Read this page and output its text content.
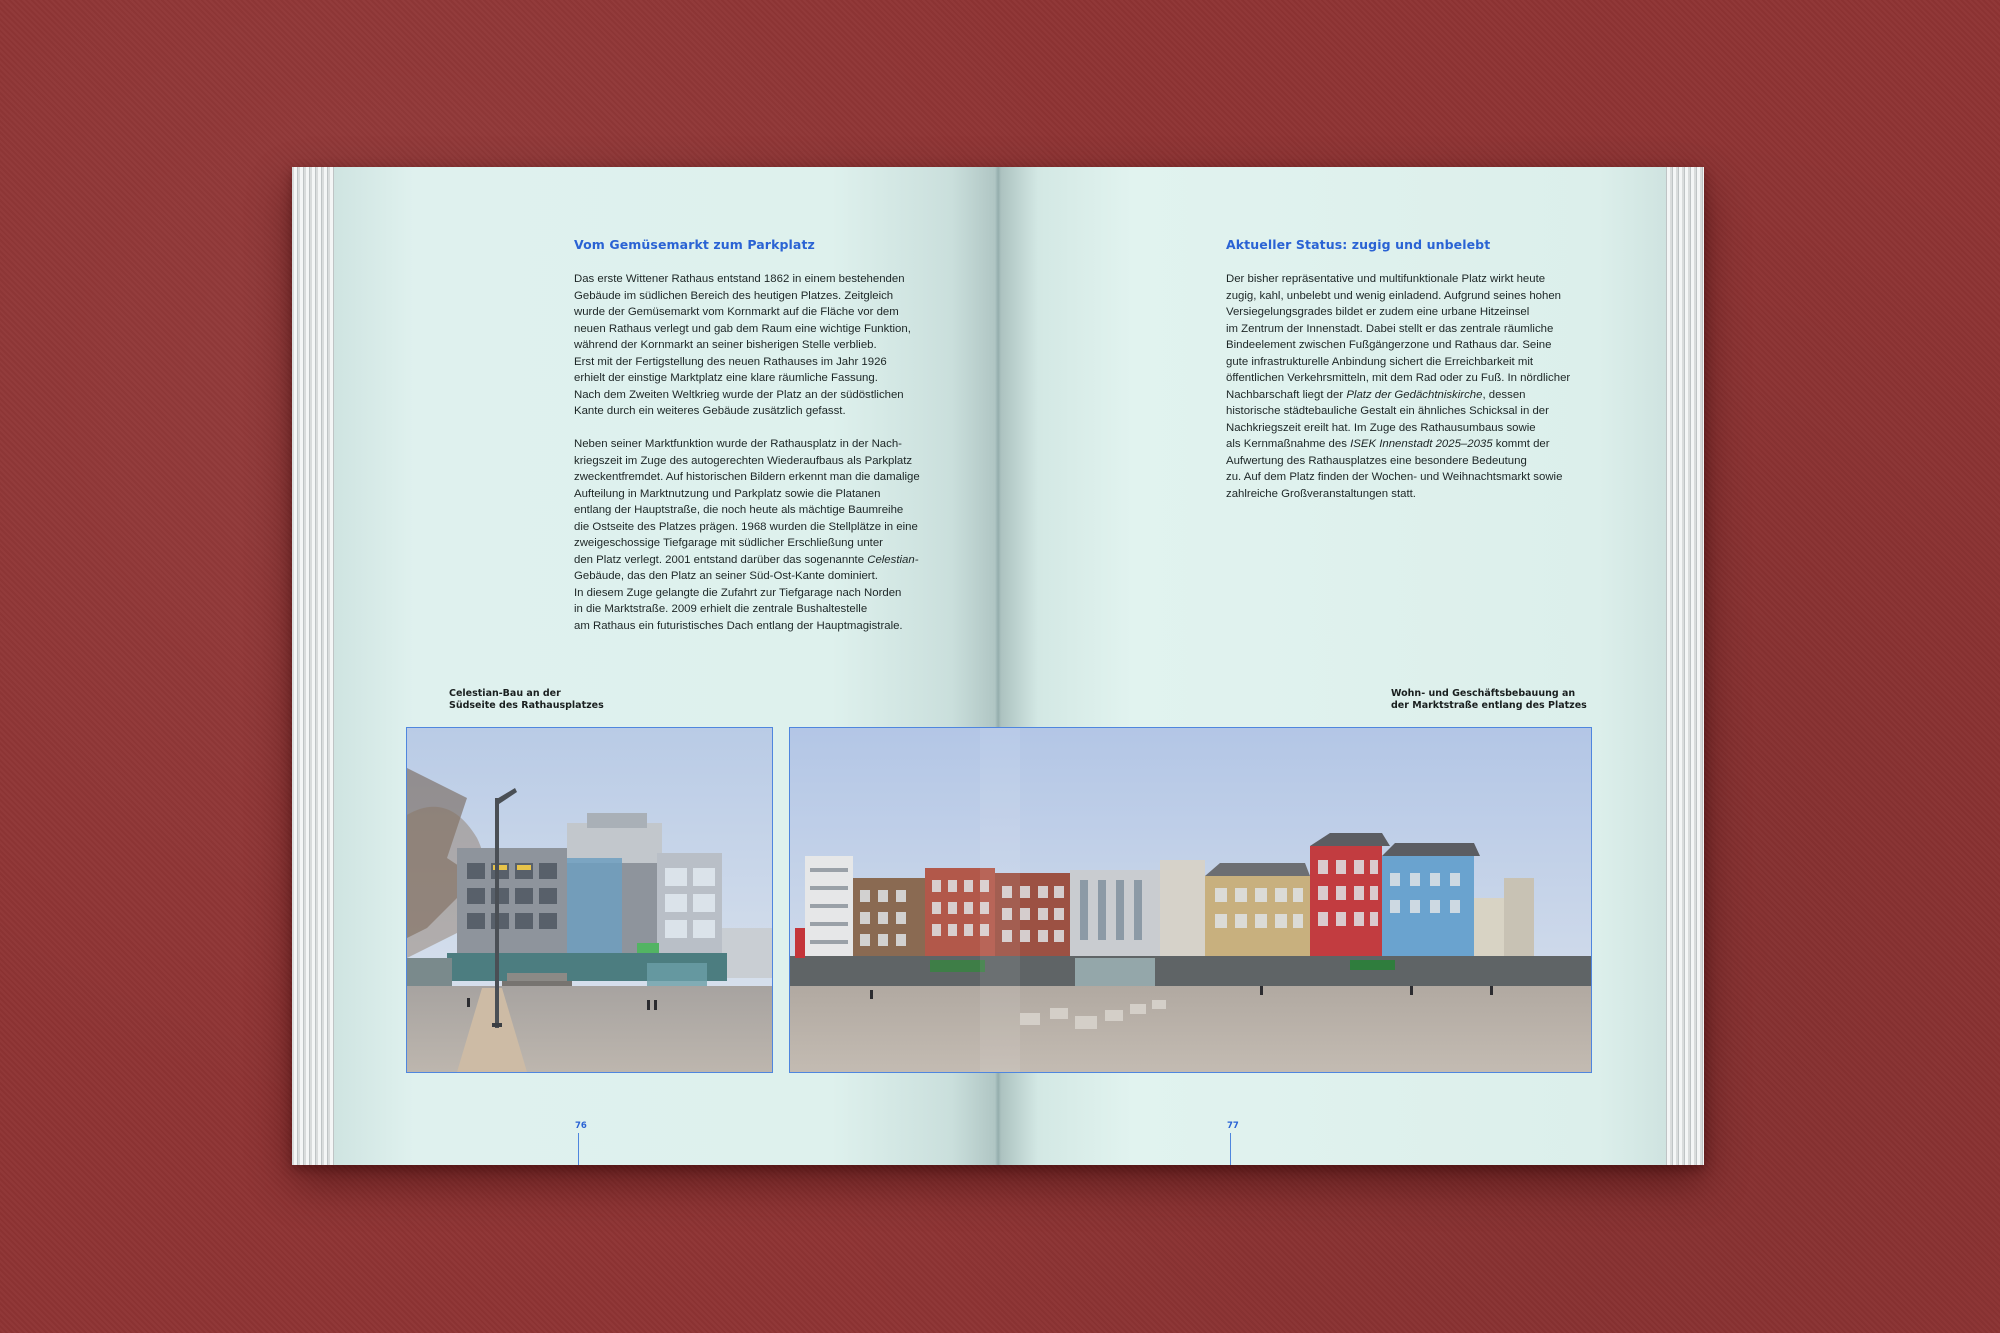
Vom Gemüsemarkt zum Parkplatz

Das erste Wittener Rathaus entstand 1862 in einem bestehenden
Gebäude im südlichen Bereich des heutigen Platzes. Zeitgleich
wurde der Gemüsemarkt vom Kornmarkt auf die Fläche vor dem
neuen Rathaus verlegt und gab dem Raum eine wichtige Funktion,
während der Kornmarkt an seiner bisherigen Stelle verblieb.
Erst mit der Fertigstellung des neuen Rathauses im Jahr 1926
erhielt der einstige Marktplatz eine klare räumliche Fassung.
Nach dem Zweiten Weltkrieg wurde der Platz an der südöstlichen
Kante durch ein weiteres Gebäude zusätzlich gefasst.

Neben seiner Marktfunktion wurde der Rathausplatz in der Nach-
kriegszeit im Zuge des autogerechten Wiederaufbaus als Parkplatz
zweckentfremdet. Auf historischen Bildern erkennt man die damalige
Aufteilung in Marktnutzung und Parkplatz sowie die Platanen
entlang der Hauptstraße, die noch heute als mächtige Baumreihe
die Ostseite des Platzes prägen. 1968 wurden die Stellplätze in eine
zweigeschossige Tiefgarage mit südlicher Erschließung unter
den Platz verlegt. 2001 entstand darüber das sogenannte Celestian-
Gebäude, das den Platz an seiner Süd-Ost-Kante dominiert.
In diesem Zuge gelangte die Zufahrt zur Tiefgarage nach Norden
in die Marktstraße. 2009 erhielt die zentrale Bushaltestelle
am Rathaus ein futuristisches Dach entlang der Hauptmagistrale.

Celestian-Bau an der
Südseite des Rathausplatzes
76
Aktueller Status: zugig und unbelebt

Der bisher repräsentative und multifunktionale Platz wirkt heute
zugig, kahl, unbelebt und wenig einladend. Aufgrund seines hohen
Versiegelungsgrades bildet er zudem eine urbane Hitzeinsel
im Zentrum der Innenstadt. Dabei stellt er das zentrale räumliche
Bindeelement zwischen Fußgängerzone und Rathaus dar. Seine
gute infrastrukturelle Anbindung sichert die Erreichbarkeit mit
öffentlichen Verkehrsmitteln, mit dem Rad oder zu Fuß. In nördlicher
Nachbarschaft liegt der Platz der Gedächtniskirche, dessen
historische städtebauliche Gestalt ein ähnliches Schicksal in der
Nachkriegszeit ereilt hat. Im Zuge des Rathausumbaus sowie
als Kernmaßnahme des ISEK Innenstadt 2025–2035 kommt der
Aufwertung des Rathausplatzes eine besondere Bedeutung
zu. Auf dem Platz finden der Wochen- und Weihnachtsmarkt sowie
zahlreiche Großveranstaltungen statt.

Wohn- und Geschäftsbebauung an
der Marktstraße entlang des Platzes
77
